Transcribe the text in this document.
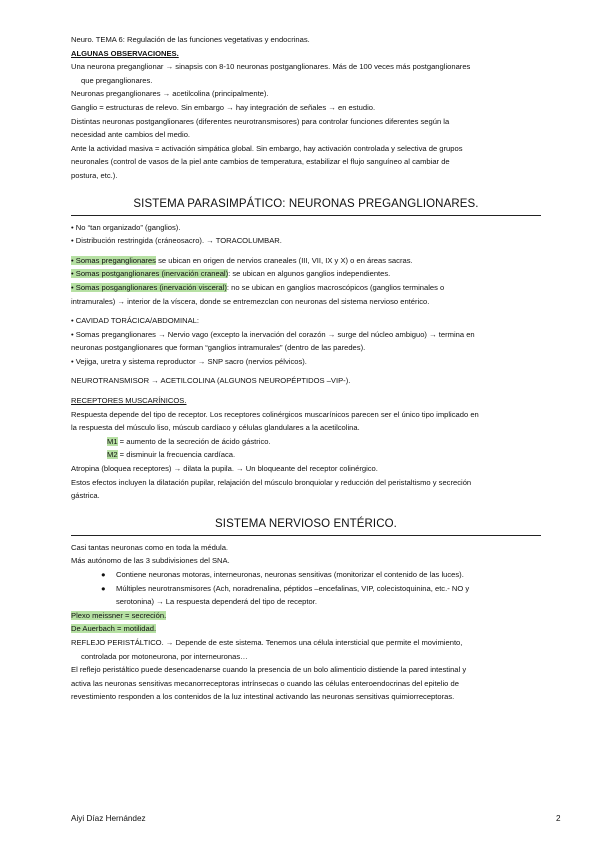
Neuro. TEMA 6: Regulación de las funciones vegetativas y endocrinas.

ALGUNAS OBSERVACIONES.

Una neurona preganglionar → sinapsis con 8-10 neuronas postganglionares. Más de 100 veces más postganglionares

que preganglionares.

Neuronas preganglionares → acetilcolina (principalmente).

Ganglio = estructuras de relevo. Sin embargo → hay integración de señales → en estudio.

Distintas neuronas postganglionares (diferentes neurotransmisores) para controlar funciones diferentes según la

necesidad ante cambios del medio.

Ante la actividad masiva = activación simpática global. Sin embargo, hay activación controlada y selectiva de grupos

neuronales (control de vasos de la piel ante cambios de temperatura, estabilizar el flujo sanguíneo al cambiar de

postura, etc.).

SISTEMA PARASIMPÁTICO: NEURONAS PREGANGLIONARES.

• No “tan organizado” (ganglios).

• Distribución restringida (cráneosacro). → TORACOLUMBAR.

• Somas preganglionares se ubican en origen de nervios craneales (III, VII, IX y X) o en áreas sacras.

• Somas postganglionares (inervación craneal): se ubican en algunos ganglios independientes.

• Somas posganglionares (inervación visceral): no se ubican en ganglios macroscópicos (ganglios terminales o

intramurales) → interior de la víscera, donde se entremezclan con neuronas del sistema nervioso entérico.

• CAVIDAD TORÁCICA/ABDOMINAL:

• Somas preganglionares → Nervio vago (excepto la inervación del corazón → surge del núcleo ambiguo) → termina en

neuronas postganglionares que forman “ganglios intramurales” (dentro de las paredes).

• Vejiga, uretra y sistema reproductor → SNP sacro (nervios pélvicos).

NEUROTRANSMISOR → ACETILCOLINA (ALGUNOS NEUROPÉPTIDOS –VIP-).

RECEPTORES MUSCARÍNICOS.

Respuesta depende del tipo de receptor. Los receptores colinérgicos muscarínicos parecen ser el único tipo implicado en

la respuesta del músculo liso, múscub cardíaco y células glandulares a la acetilcolina.

M1 = aumento de la secreción de ácido gástrico.

M2 = disminuir la frecuencia cardíaca.

Atropina (bloquea receptores) → dilata la pupila. → Un bloqueante del receptor colinérgico.

Estos efectos incluyen la dilatación pupilar, relajación del músculo bronquiolar y reducción del peristaltismo y secreción

gástrica.

SISTEMA NERVIOSO ENTÉRICO.

Casi tantas neuronas como en toda la médula.

Más autónomo de las 3 subdivisiones del SNA.

● Contiene neuronas motoras, interneuronas, neuronas sensitivas (monitorizar el contenido de las luces).

● Múltiples neurotransmisores (Ach, noradrenalina, péptidos –encefalinas, VIP, colecistoquinina, etc.- NO y

serotonina) → La respuesta dependerá del tipo de receptor.

Plexo meissner = secreción.

De Auerbach = motilidad.

REFLEJO PERISTÁLTICO. → Depende de este sistema. Tenemos una célula intersticial que permite el movimiento,

controlada por motoneurona, por interneuronas…

El reflejo peristáltico puede desencadenarse cuando la presencia de un bolo alimenticio distiende la pared intestinal y

activa las neuronas sensitivas mecanorreceptoras intrínsecas o cuando las células enteroendocrinas del epitelio de

revestimiento responden a los contenidos de la luz intestinal activando las neuronas sensitivas quimiorreceptoras.

Aiyi Díaz Hernández	2
